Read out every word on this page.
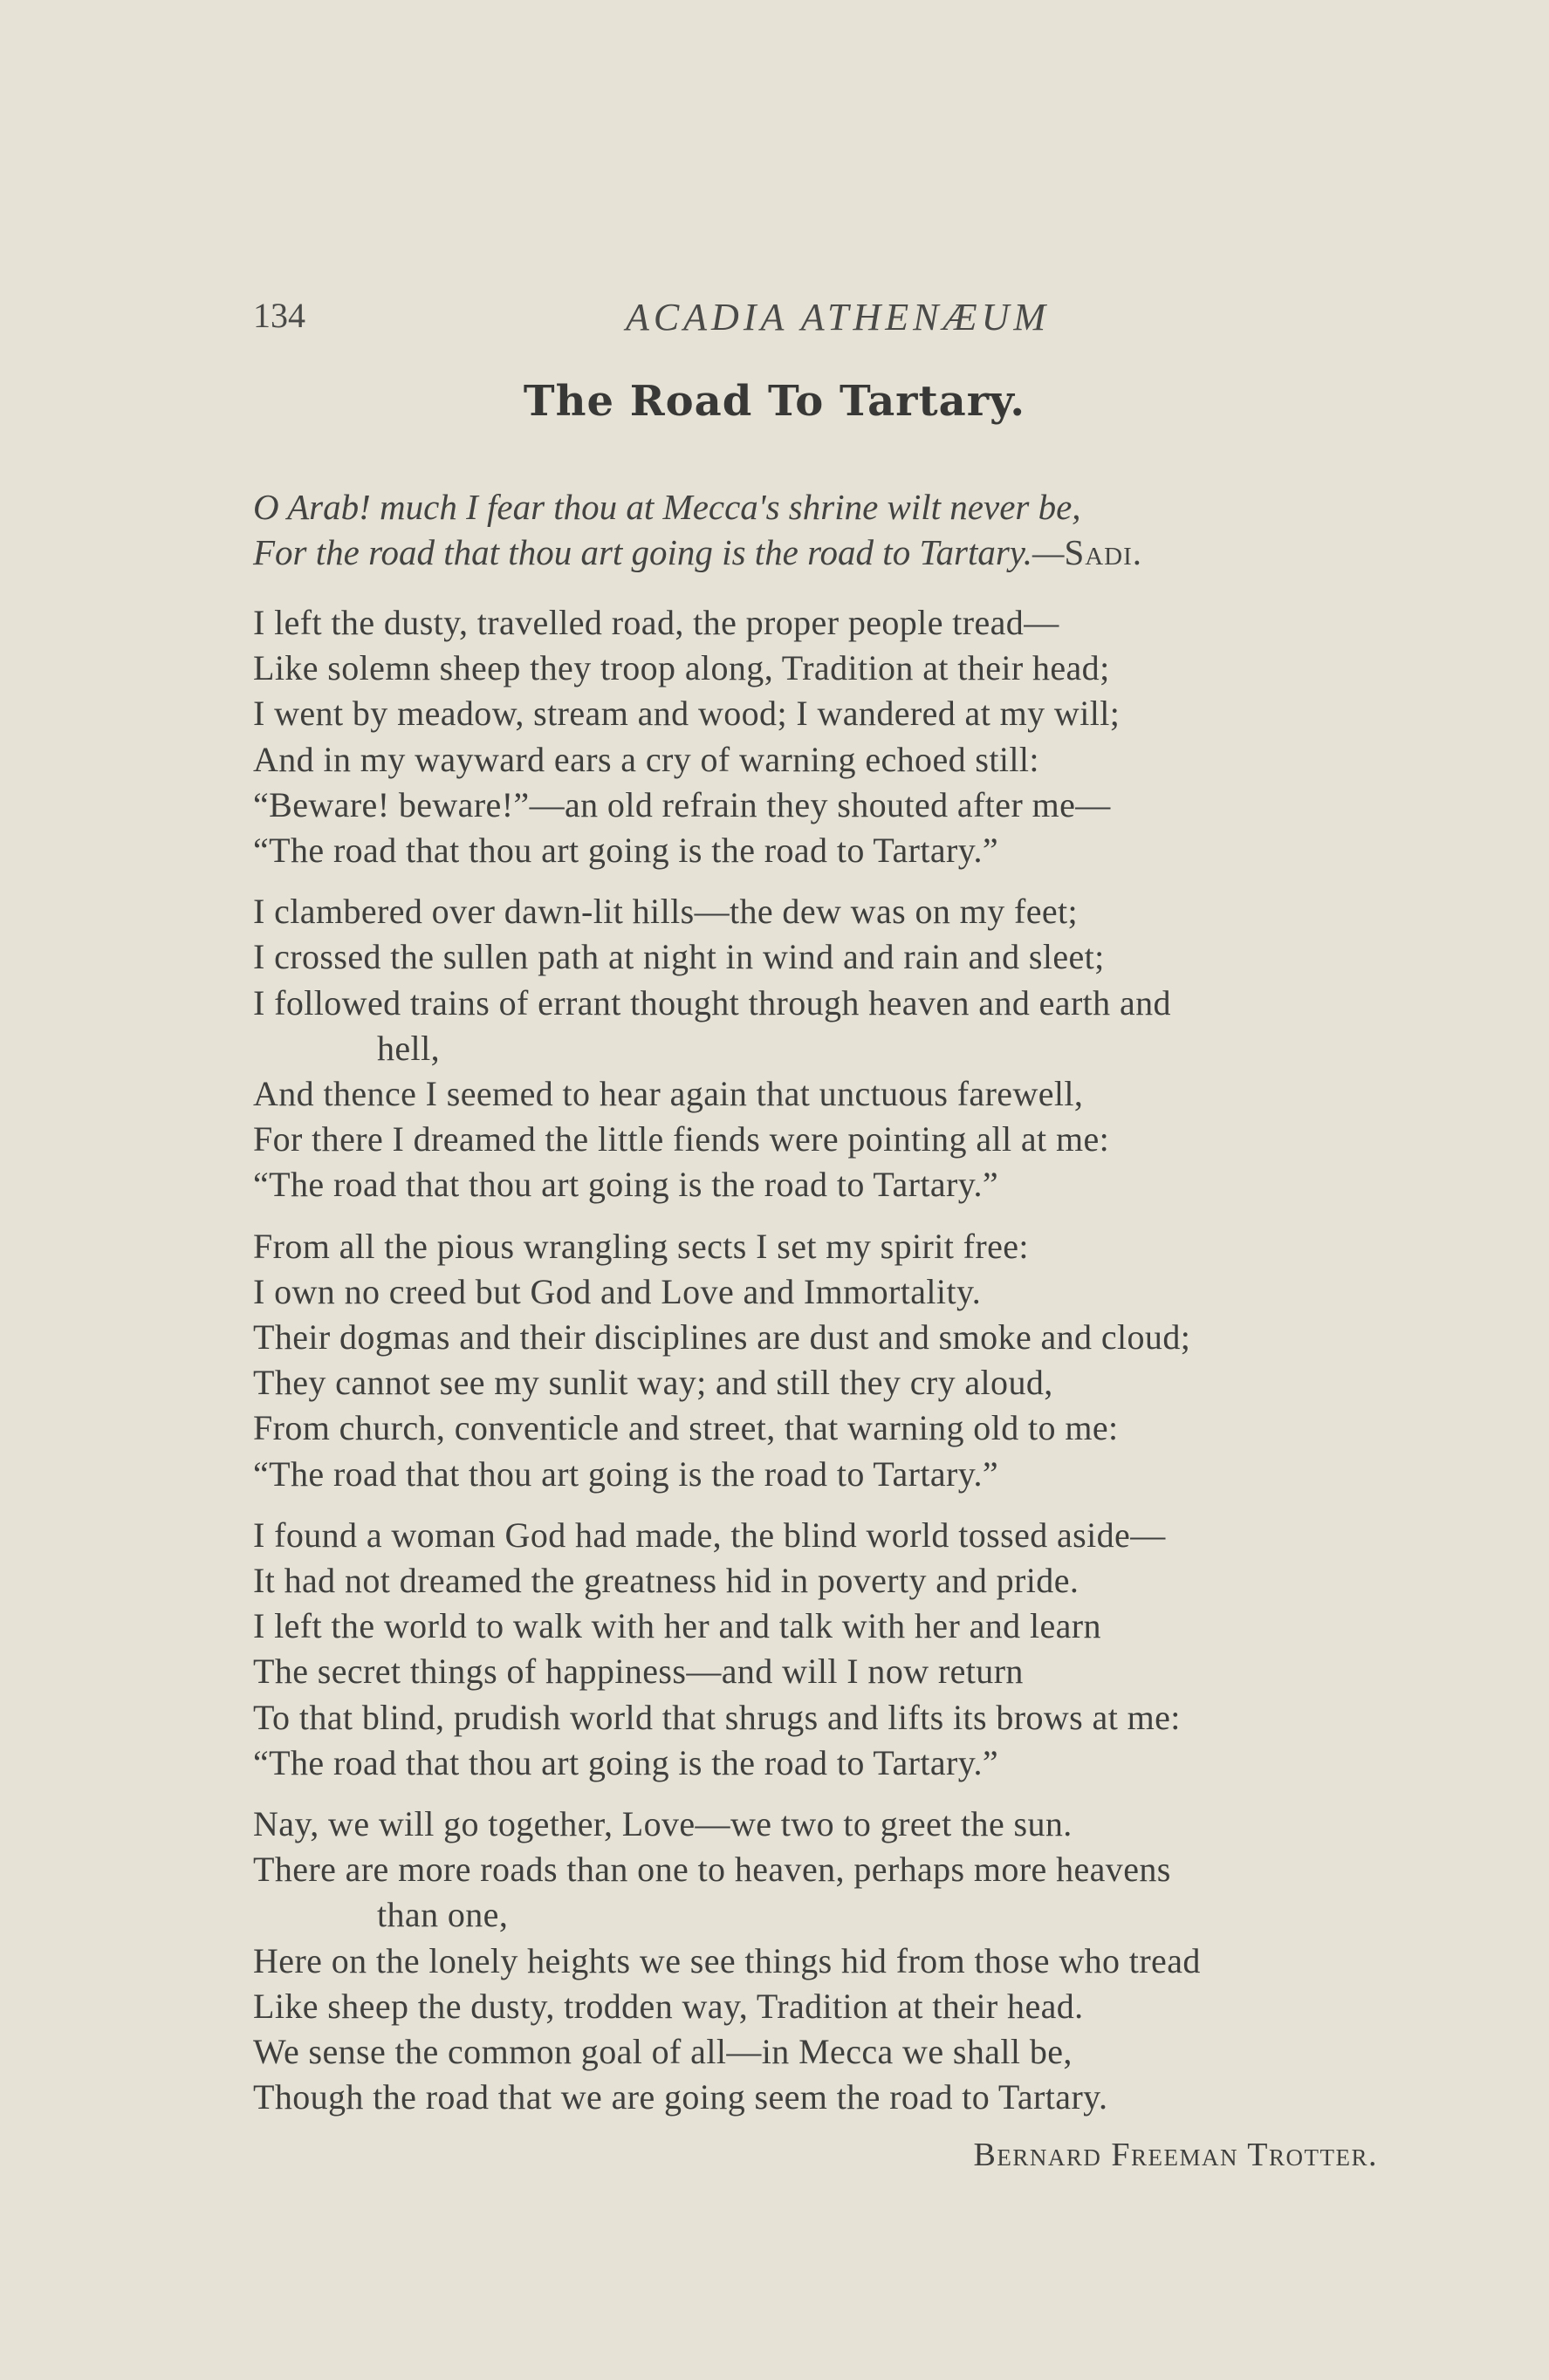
134	ACADIA ATHENÆUM
The Road To Tartary.
O Arab! much I fear thou at Mecca's shrine wilt never be,
For the road that thou art going is the road to Tartary.—Sadi.
I left the dusty, travelled road, the proper people tread—
Like solemn sheep they troop along, Tradition at their head;
I went by meadow, stream and wood; I wandered at my will;
And in my wayward ears a cry of warning echoed still:
“Beware! beware!”—an old refrain they shouted after me—
“The road that thou art going is the road to Tartary.”
I clambered over dawn-lit hills—the dew was on my feet;
I crossed the sullen path at night in wind and rain and sleet;
I followed trains of errant thought through heaven and earth and
hell,
And thence I seemed to hear again that unctuous farewell,
For there I dreamed the little fiends were pointing all at me:
“The road that thou art going is the road to Tartary.”
From all the pious wrangling sects I set my spirit free:
I own no creed but God and Love and Immortality.
Their dogmas and their disciplines are dust and smoke and cloud;
They cannot see my sunlit way; and still they cry aloud,
From church, conventicle and street, that warning old to me:
“The road that thou art going is the road to Tartary.”
I found a woman God had made, the blind world tossed aside—
It had not dreamed the greatness hid in poverty and pride.
I left the world to walk with her and talk with her and learn
The secret things of happiness—and will I now return
To that blind, prudish world that shrugs and lifts its brows at me:
“The road that thou art going is the road to Tartary.”
Nay, we will go together, Love—we two to greet the sun.
There are more roads than one to heaven, perhaps more heavens
than one,
Here on the lonely heights we see things hid from those who tread
Like sheep the dusty, trodden way, Tradition at their head.
We sense the common goal of all—in Mecca we shall be,
Though the road that we are going seem the road to Tartary.
Bernard Freeman Trotter.
